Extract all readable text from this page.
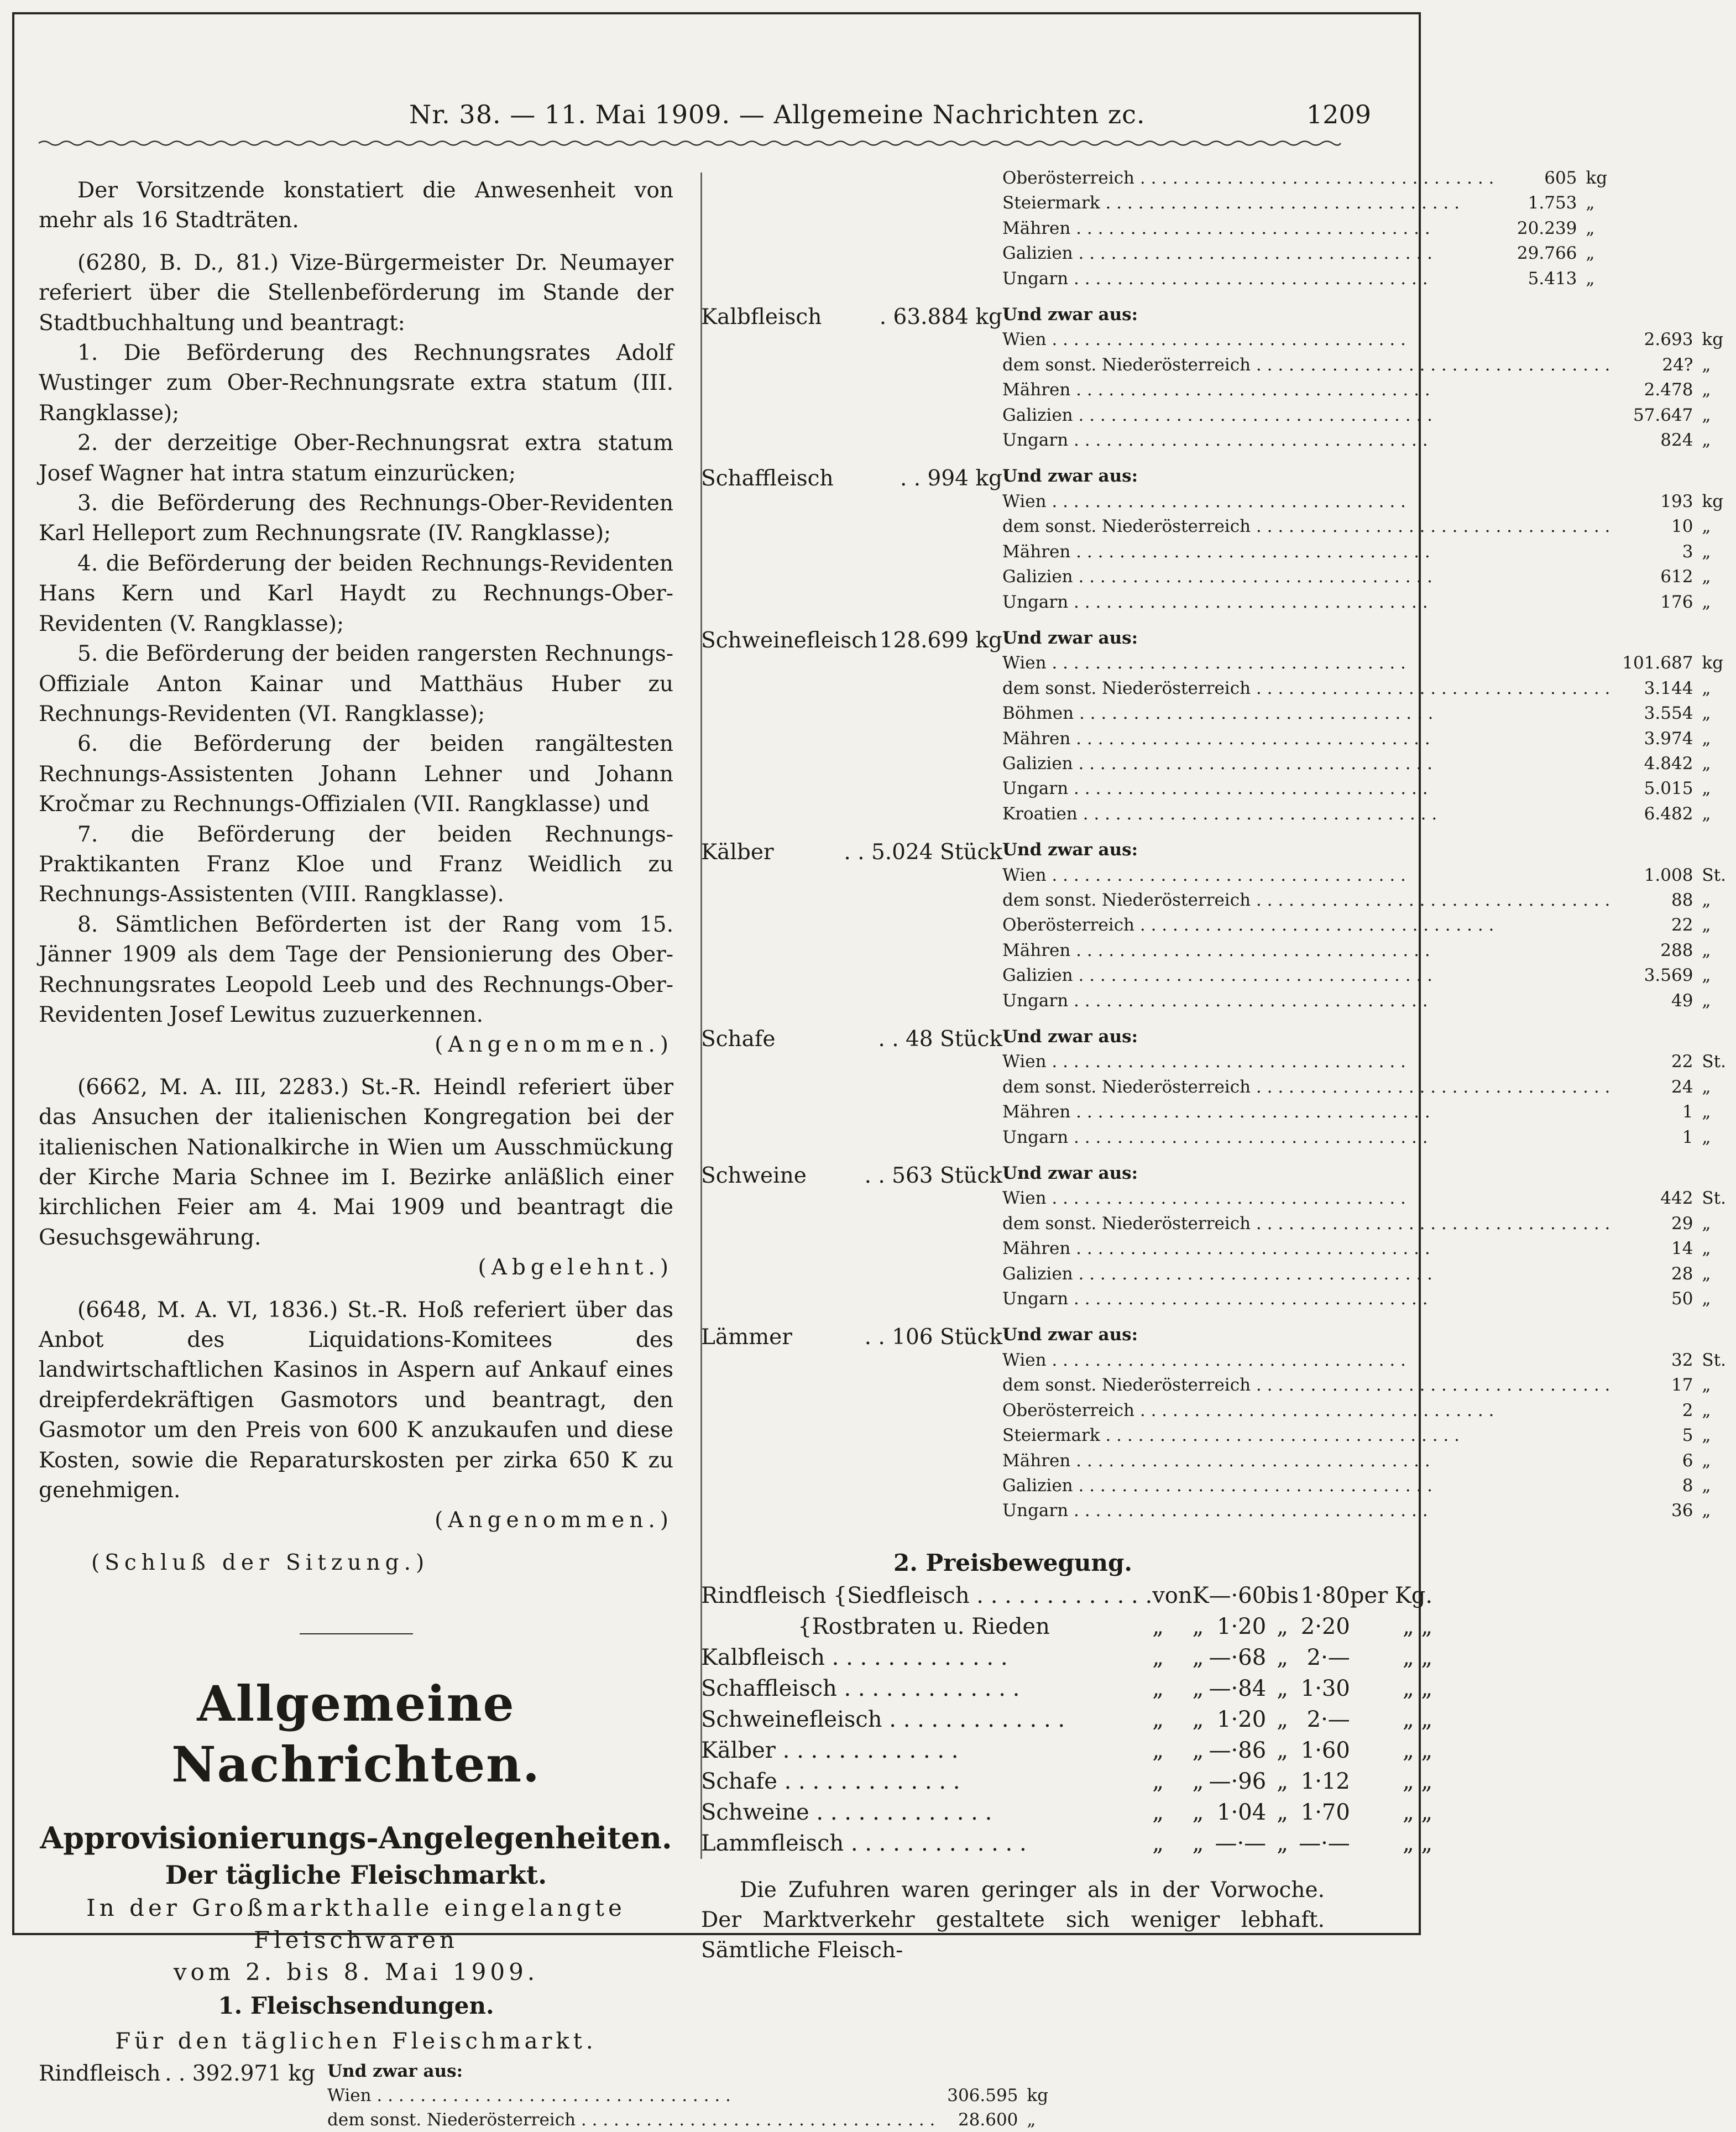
Nr. 38. — 11. Mai 1909. — Allgemeine Nachrichten zc.	1209

Der Vorsitzende konstatiert die Anwesenheit von mehr als 16 Stadträten.

(6280, B. D., 81.) Vize-Bürgermeister Dr. Neumayer referiert über die Stellenbeförderung im Stande der Stadtbuchhaltung und beantragt:

1. Die Beförderung des Rechnungsrates Adolf Wustinger zum Ober-Rechnungsrate extra statum (III. Rangklasse);

2. der derzeitige Ober-Rechnungsrat extra statum Josef Wagner hat intra statum einzurücken;

3. die Beförderung des Rechnungs-Ober-Revidenten Karl Helleport zum Rechnungsrate (IV. Rangklasse);

4. die Beförderung der beiden Rechnungs-Revidenten Hans Kern und Karl Haydt zu Rechnungs-Ober-Revidenten (V. Rangklasse);

5. die Beförderung der beiden rangersten Rechnungs-Offiziale Anton Kainar und Matthäus Huber zu Rechnungs-Revidenten (VI. Rangklasse);

6. die Beförderung der beiden rangältesten Rechnungs-Assistenten Johann Lehner und Johann Kročmar zu Rechnungs-Offizialen (VII. Rangklasse) und

7. die Beförderung der beiden Rechnungs-Praktikanten Franz Kloe und Franz Weidlich zu Rechnungs-Assistenten (VIII. Rangklasse).

8. Sämtlichen Beförderten ist der Rang vom 15. Jänner 1909 als dem Tage der Pensionierung des Ober-Rechnungsrates Leopold Leeb und des Rechnungs-Ober-Revidenten Josef Lewitus zuzuerkennen.

(Angenommen.)

(6662, M. A. III, 2283.) St.-R. Heindl referiert über das Ansuchen der italienischen Kongregation bei der italienischen Nationalkirche in Wien um Ausschmückung der Kirche Maria Schnee im I. Bezirke anläßlich einer kirchlichen Feier am 4. Mai 1909 und beantragt die Gesuchsgewährung.

(Abgelehnt.)

(6648, M. A. VI, 1836.) St.-R. Hoß referiert über das Anbot des Liquidations-Komitees des landwirtschaftlichen Kasinos in Aspern auf Ankauf eines dreipferdekräftigen Gasmotors und beantragt, den Gasmotor um den Preis von 600 K anzukaufen und diese Kosten, sowie die Reparaturskosten per zirka 650 K zu genehmigen.

(Angenommen.)
(Schluß der Sitzung.)
Allgemeine Nachrichten.
Approvisionierungs-Angelegenheiten.
Der tägliche Fleischmarkt.
In der Großmarkthalle eingelangte Fleischwaren
vom 2. bis 8. Mai 1909.
1. Fleischsendungen.
Für den täglichen Fleischmarkt.
Rindfleisch . . 392.971 kg Und zwar aus:
Wien . . .	306.595 kg
dem sonst. Niederösterreich . . .	28.600 „
Oberösterreich . . .	605 kg
Steiermark . . .	1.753 „
Mähren . . .	20.239 „
Galizien . . .	29.766 „
Ungarn . . .	5.413 „
Kalbfleisch	. 63.884 kg Und zwar aus:
Wien . . .	2.693 kg
dem sonst. Niederösterreich . . .	24? „
Mähren . . .	2.478 „
Galizien . . .	57.647 „
Ungarn . . .	824 „
Schaffleisch	. . 994 kg Und zwar aus:
Wien . . .	193 kg
dem sonst. Niederösterreich . . .	10 „
Mähren . . .	3 „
Galizien . . .	612 „
Ungarn . . .	176 „
Schweinefleisch 128.699 kg Und zwar aus:
Wien . . .	101.687 kg
dem sonst. Niederösterreich . . .	3.144 „
Böhmen . . .	3.554 „
Mähren . . .	3.974 „
Galizien . . .	4.842 „
Ungarn . . .	5.015 „
Kroatien . . .	6.482 „
Kälber	. . 5.024 Stück Und zwar aus:
Wien . . .	1.008 St.
dem sonst. Niederösterreich . . .	88 „
Oberösterreich . . .	22 „
Mähren . . .	288 „
Galizien . . .	3.569 „
Ungarn . . .	49 „
Schafe	. . 48 Stück Und zwar aus:
Wien . . .	22 St.
dem sonst. Niederösterreich . . .	24 „
Mähren . . .	1 „
Ungarn . . .	1 „
Schweine	. . 563 Stück Und zwar aus:
Wien . . .	442 St.
dem sonst. Niederösterreich . . .	29 „
Mähren . . .	14 „
Galizien . . .	28 „
Ungarn . . .	50 „
Lämmer	. . 106 Stück Und zwar aus:
Wien . . .	32 St.
dem sonst. Niederösterreich . . .	17 „
Oberösterreich . . .	2 „
Steiermark . . .	5 „
Mähren . . .	6 „
Galizien . . .	8 „
Ungarn . . .	36 „
2. Preisbewegung.
Rindfleisch {Siedfleisch . . .	von	K	—·60	bis	1·80	per Kg.
{Rostbraten u. Rieden	„	„	1·20	„	2·20	„ „
Kalbfleisch . . .	„	„	—·68	„	2·—	„ „
Schaffleisch . . .	„	„	—·84	„	1·30	„ „
Schweinefleisch . . .	„	„	1·20	„	2·—	„ „
Kälber . . .	„	„	—·86	„	1·60	„ „
Schafe . . .	„	„	—·96	„	1·12	„ „
Schweine . . .	„	„	1·04	„	1·70	„ „
Lammfleisch . . .	„	„	—·—	„	—·—	„ „

Die Zufuhren waren geringer als in der Vorwoche. Der Marktverkehr gestaltete sich weniger lebhaft. Sämtliche Fleisch-
